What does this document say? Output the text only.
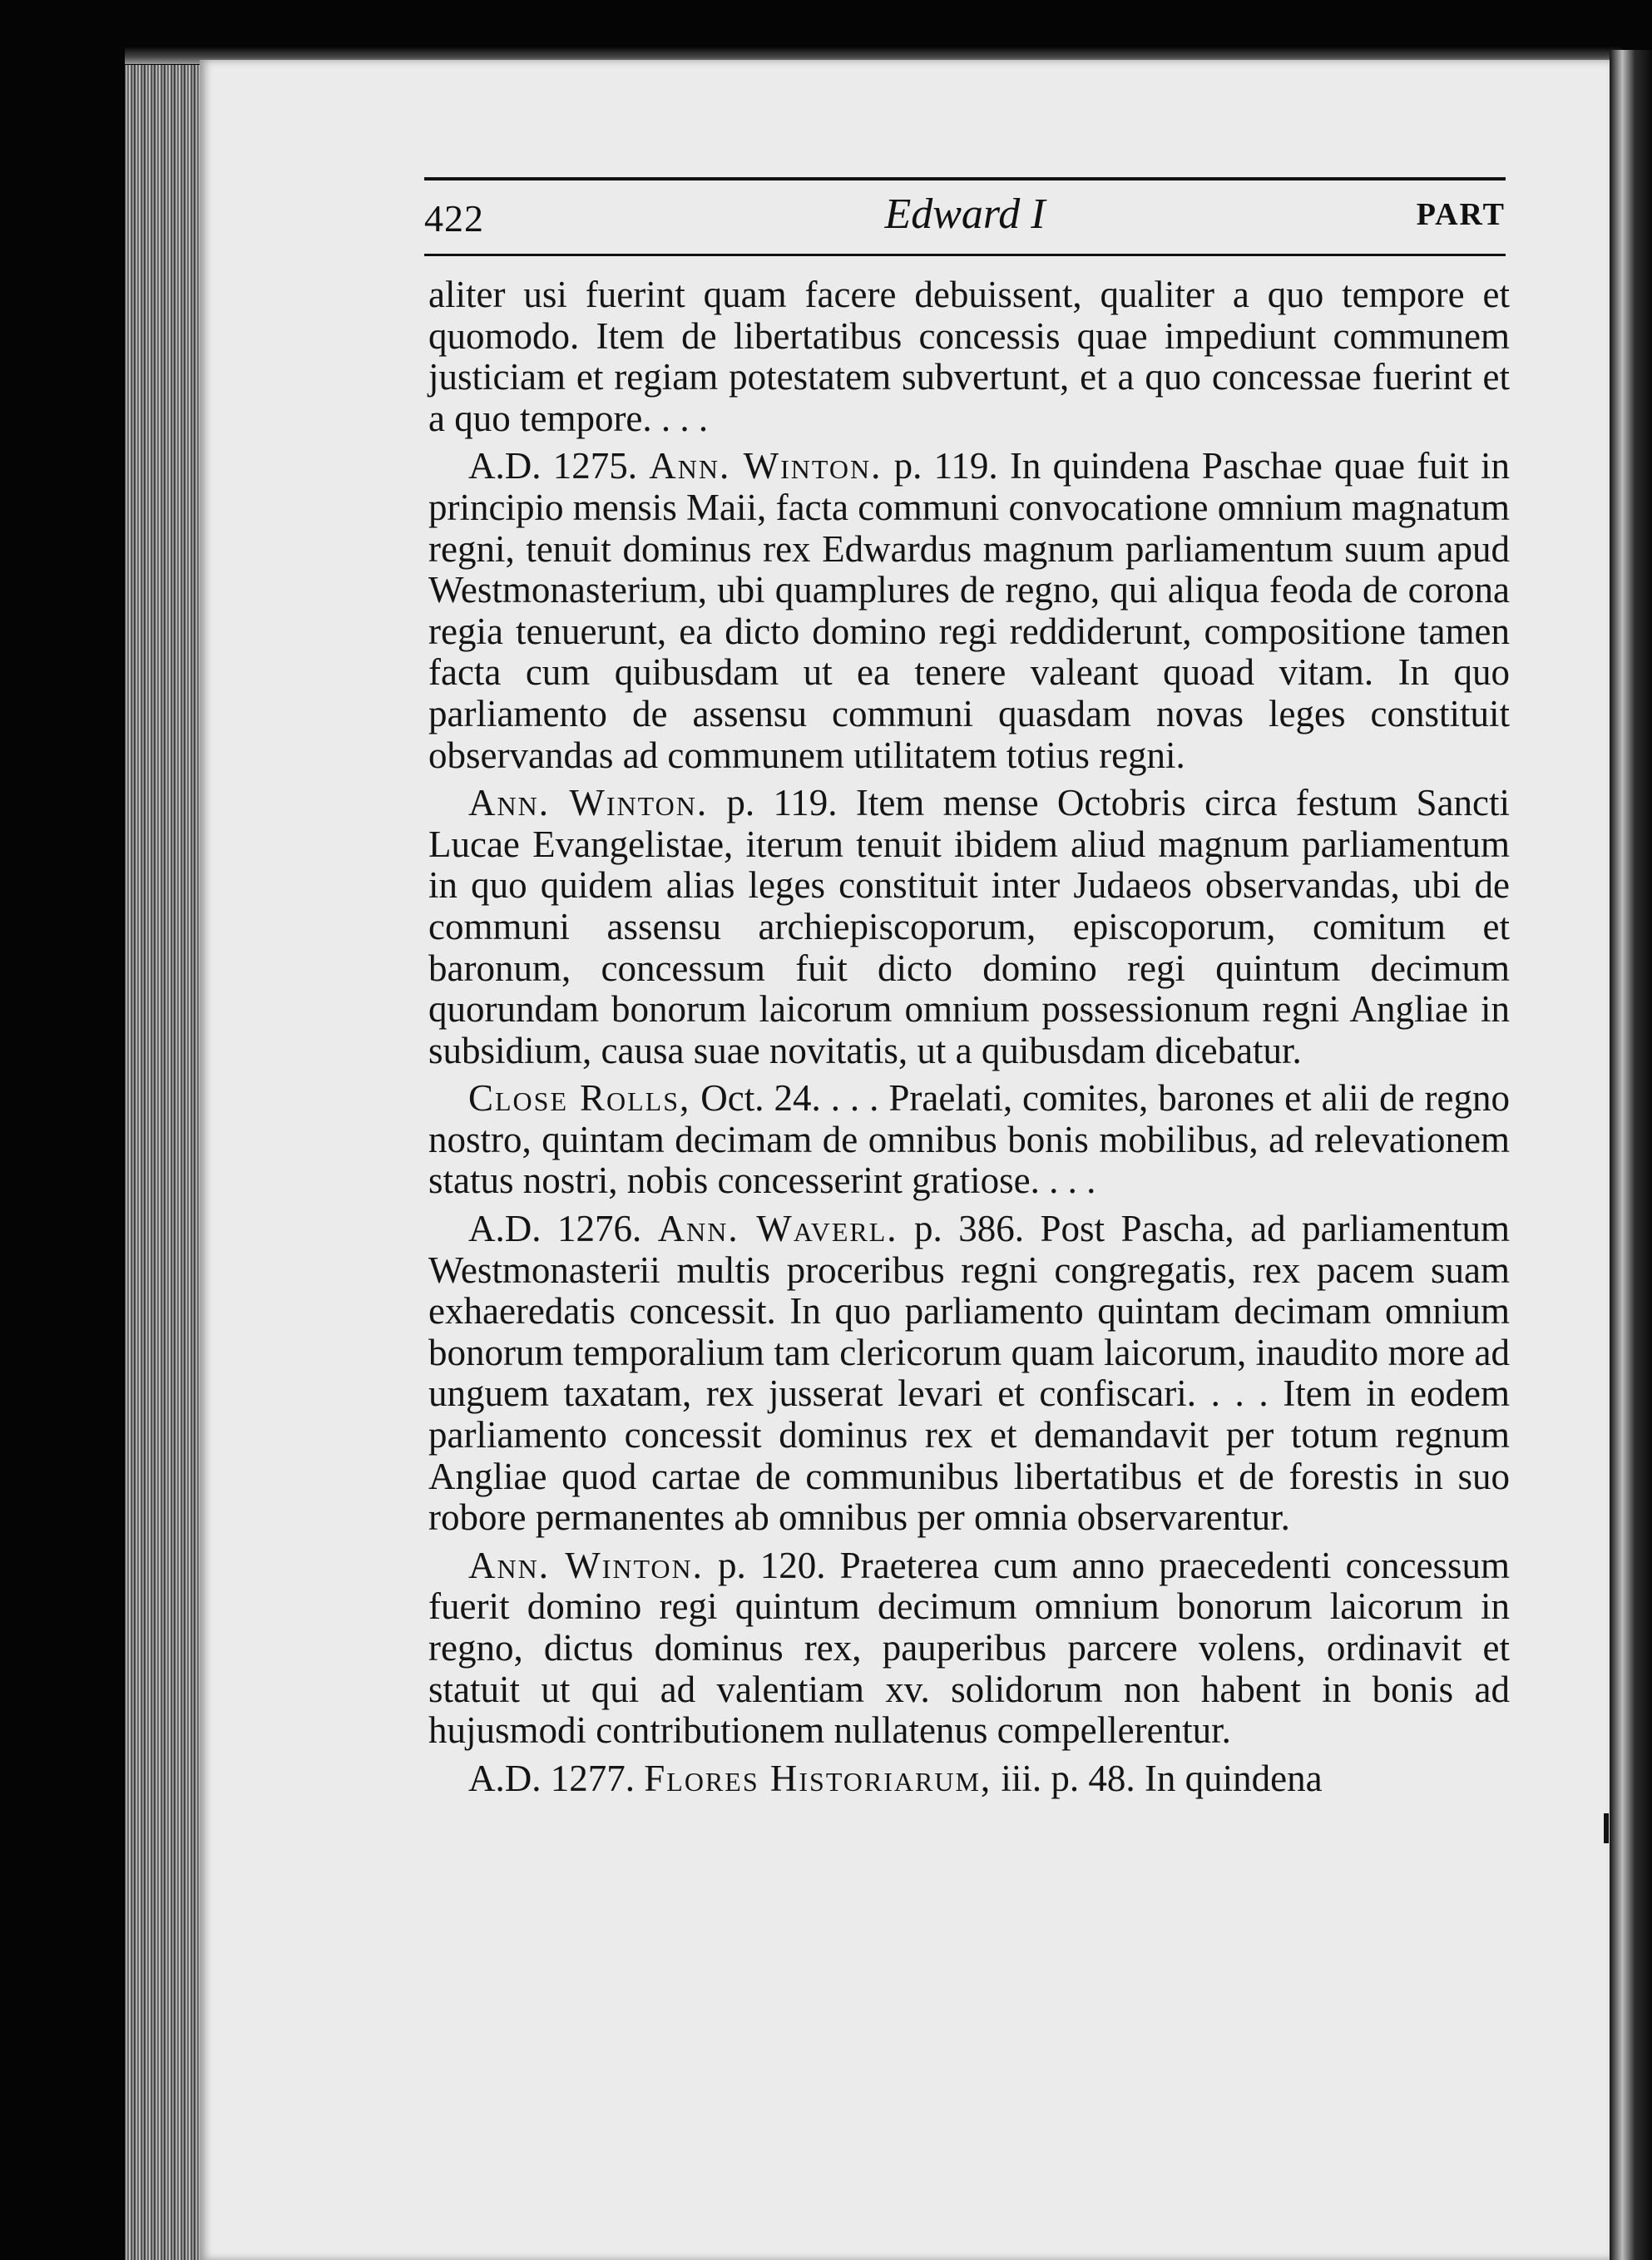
422	Edward I	PART

aliter usi fuerint quam facere debuissent, qualiter a quo tempore et quomodo. Item de libertatibus concessis quae impediunt communem justiciam et regiam potestatem subvertunt, et a quo concessae fuerint et a quo tempore. . . .

A.D. 1275. Ann. Winton. p. 119. In quindena Paschae quae fuit in principio mensis Maii, facta communi convocatione omnium magnatum regni, tenuit dominus rex Edwardus magnum parliamentum suum apud Westmonasterium, ubi quamplures de regno, qui aliqua feoda de corona regia tenuerunt, ea dicto domino regi reddiderunt, compositione tamen facta cum quibusdam ut ea tenere valeant quoad vitam. In quo parliamento de assensu communi quasdam novas leges constituit observandas ad communem utilitatem totius regni.

Ann. Winton. p. 119. Item mense Octobris circa festum Sancti Lucae Evangelistae, iterum tenuit ibidem aliud magnum parliamentum in quo quidem alias leges constituit inter Judaeos observandas, ubi de communi assensu archiepiscoporum, episcoporum, comitum et baronum, concessum fuit dicto domino regi quintum decimum quorundam bonorum laicorum omnium possessionum regni Angliae in subsidium, causa suae novitatis, ut a quibusdam dicebatur.

Close Rolls, Oct. 24. . . . Praelati, comites, barones et alii de regno nostro, quintam decimam de omnibus bonis mobilibus, ad relevationem status nostri, nobis concesserint gratiose. . . .

A.D. 1276. Ann. Waverl. p. 386. Post Pascha, ad parliamentum Westmonasterii multis proceribus regni congregatis, rex pacem suam exhaeredatis concessit. In quo parliamento quintam decimam omnium bonorum temporalium tam clericorum quam laicorum, inaudito more ad unguem taxatam, rex jusserat levari et confiscari. . . . Item in eodem parliamento concessit dominus rex et demandavit per totum regnum Angliae quod cartae de communibus libertatibus et de forestis in suo robore permanentes ab omnibus per omnia observarentur.

Ann. Winton. p. 120. Praeterea cum anno praecedenti concessum fuerit domino regi quintum decimum omnium bonorum laicorum in regno, dictus dominus rex, pauperibus parcere volens, ordinavit et statuit ut qui ad valentiam xv. solidorum non habent in bonis ad hujusmodi contributionem nullatenus compellerentur.

A.D. 1277. Flores Historiarum, iii. p. 48. In quindena
